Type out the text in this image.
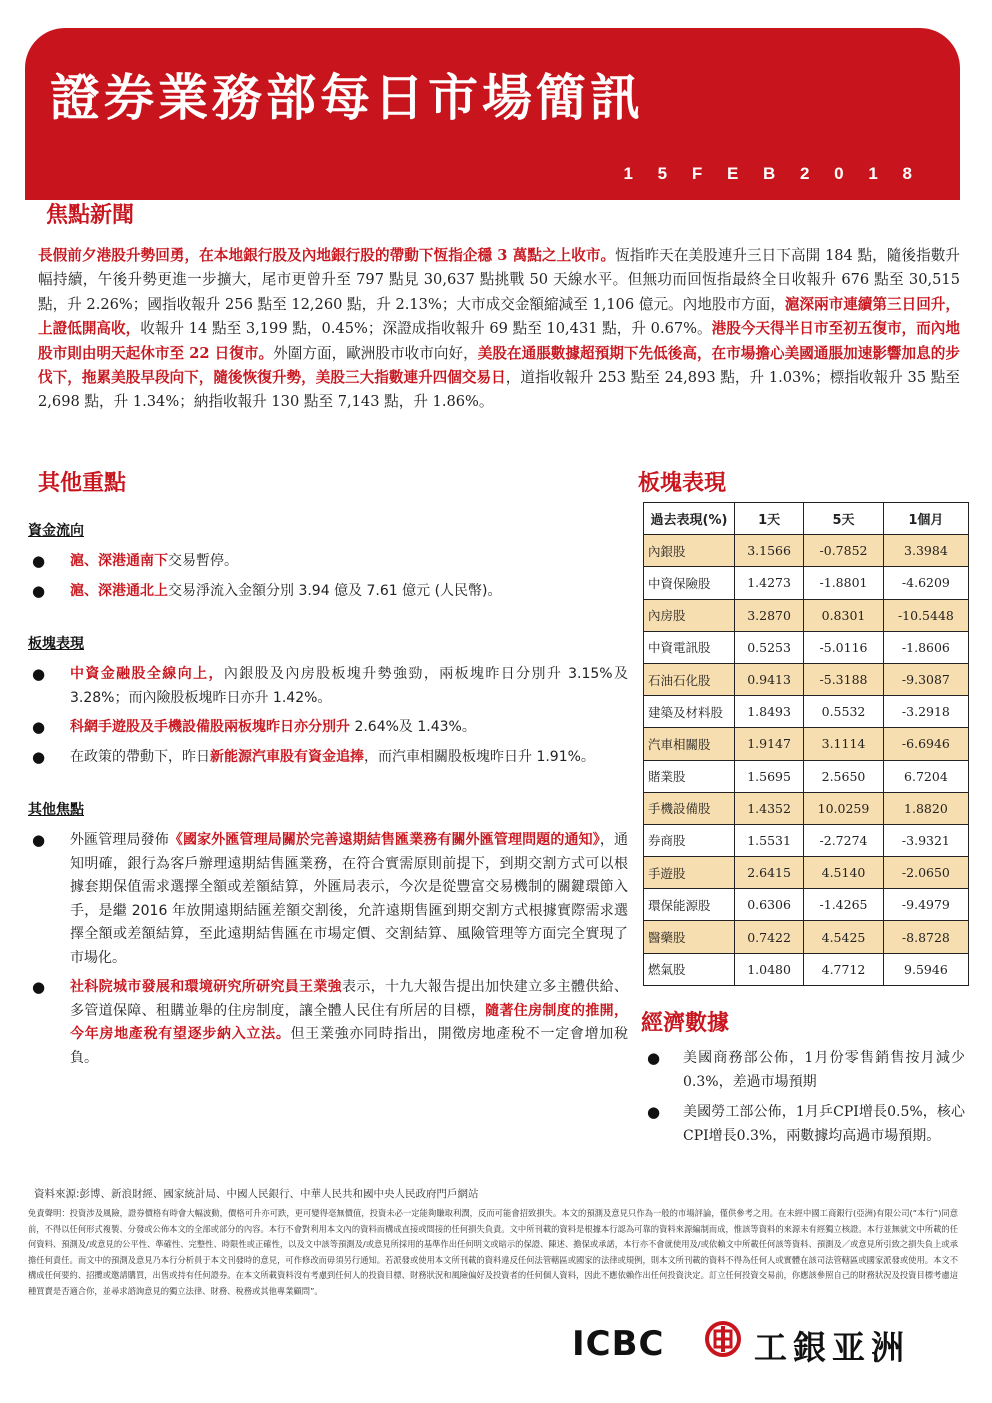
證券業務部每日市場簡訊
1 5 F E B 2 0 1 8
焦點新聞
長假前夕港股升勢回勇，在本地銀行股及內地銀行股的帶動下恆指企穩 3 萬點之上收市。恆指昨天在美股連升三日下高開 184 點，隨後指數升幅持續，午後升勢更進一步擴大，尾市更曾升至 797 點見 30,637 點挑戰 50 天線水平。但無功而回恆指最終全日收報升 676 點至 30,515 點，升 2.26%；國指收報升 256 點至 12,260 點，升 2.13%；大市成交金額縮減至 1,106 億元。內地股市方面，滬深兩市連續第三日回升，上證低開高收，收報升 14 點至 3,199 點，0.45%；深證成指收報升 69 點至 10,431 點，升 0.67%。港股今天得半日市至初五復市，而內地股市則由明天起休市至 22 日復市。外圍方面，歐洲股市收市向好，美股在通脹數據超預期下先低後高，在市場擔心美國通脹加速影響加息的步伐下，拖累美股早段向下，隨後恢復升勢，美股三大指數連升四個交易日，道指收報升 253 點至 24,893 點，升 1.03%；標指收報升 35 點至 2,698 點，升 1.34%；納指收報升 130 點至 7,143 點，升 1.86%。
其他重點
資金流向
● 滬、深港通南下交易暫停。
● 滬、深港通北上交易淨流入金額分別 3.94 億及 7.61 億元 (人民幣)。
板塊表現
● 中資金融股全線向上，內銀股及內房股板塊升勢強勁，兩板塊昨日分別升 3.15%及 3.28%；而內險股板塊昨日亦升 1.42%。
● 科網手遊股及手機設備股兩板塊昨日亦分別升 2.64%及 1.43%。
● 在政策的帶動下，昨日新能源汽車股有資金追捧，而汽車相關股板塊昨日升 1.91%。
其他焦點
● 外匯管理局發佈《國家外匯管理局關於完善遠期結售匯業務有關外匯管理問題的通知》，通知明確，銀行為客戶辦理遠期結售匯業務，在符合實需原則前提下，到期交割方式可以根據套期保值需求選擇全額或差額結算，外匯局表示，今次是從豐富交易機制的關鍵環節入手，是繼 2016 年放開遠期結匯差額交割後，允許遠期售匯到期交割方式根據實際需求選擇全額或差額結算，至此遠期結售匯在市場定價、交割結算、風險管理等方面完全實現了市場化。
● 社科院城市發展和環境研究所研究員王業強表示，十九大報告提出加快建立多主體供給、多管道保障、租購並舉的住房制度，讓全體人民住有所居的目標，隨著住房制度的推開，今年房地產稅有望逐步納入立法。但王業強亦同時指出，開徵房地產稅不一定會增加稅負。
板塊表現
過去表現(%)	1天	5天	1個月
內銀股	3.1566	-0.7852	3.3984
中資保險股	1.4273	-1.8801	-4.6209
內房股	3.2870	0.8301	-10.5448
中資電訊股	0.5253	-5.0116	-1.8606
石油石化股	0.9413	-5.3188	-9.3087
建築及材料股	1.8493	0.5532	-3.2918
汽車相關股	1.9147	3.1114	-6.6946
賭業股	1.5695	2.5650	6.7204
手機設備股	1.4352	10.0259	1.8820
券商股	1.5531	-2.7274	-3.9321
手遊股	2.6415	4.5140	-2.0650
環保能源股	0.6306	-1.4265	-9.4979
醫藥股	0.7422	4.5425	-8.8728
燃氣股	1.0480	4.7712	9.5946
經濟數據
● 美國商務部公佈，1月份零售銷售按月減少 0.3%，差過市場預期
● 美國勞工部公佈，1月乒CPI增長0.5%，核心CPI增長0.3%，兩數據均高過市場預期。
資料來源:彭博、新浪財經、國家統計局、中國人民銀行、中華人民共和國中央人民政府門戶網站
免責聲明：投資涉及風險，證券價格有時會大幅波動，價格可升亦可跌，更可變得毫無價值，投資未必一定能夠賺取利潤，反而可能會招致損失。本文的預測及意見只作為一般的市場評論，僅供參考之用。在未經中國工商銀行(亞洲)有限公司(“本行”)同意前，不得以任何形式複製、分發或公佈本文的全部或部分的內容。本行不會對利用本文內的資料而構成直接或間接的任何損失負責。文中所刊載的資料是根據本行認為可靠的資料來源編制而成，惟該等資料的來源未有經獨立核證。本行並無就文中所載的任何資料、預測及/或意見的公平性、準確性、完整性、時限性或正確性，以及文中該等預測及/或意見所採用的基準作出任何明文或暗示的保證、陳述、擔保或承諾，本行亦不會就使用及/或依賴文中所載任何該等資料、預測及／或意見所引致之損失負上或承擔任何責任。而文中的預測及意見乃本行分析員于本文刊發時的意見，可作修改而毋須另行通知。若派發或使用本文所刊載的資料違反任何法管轄區或國家的法律或規例，則本文所刊載的資料不得為任何人或實體在該司法管轄區或國家派發或使用。本文不構成任何要約、招攬或邀請購買，出售或持有任何證券。在本文所載資料沒有考慮到任何人的投資目標、財務狀況和風險偏好及投資者的任何個人資料，因此不應依賴作出任何投資決定。訂立任何投資交易前，你應該參照自己的財務狀況及投資目標考慮這種買賣是否適合你，並尋求諮詢意見的獨立法律、財務、稅務或其他專業顧問”。
ICBC	工銀亚洲
